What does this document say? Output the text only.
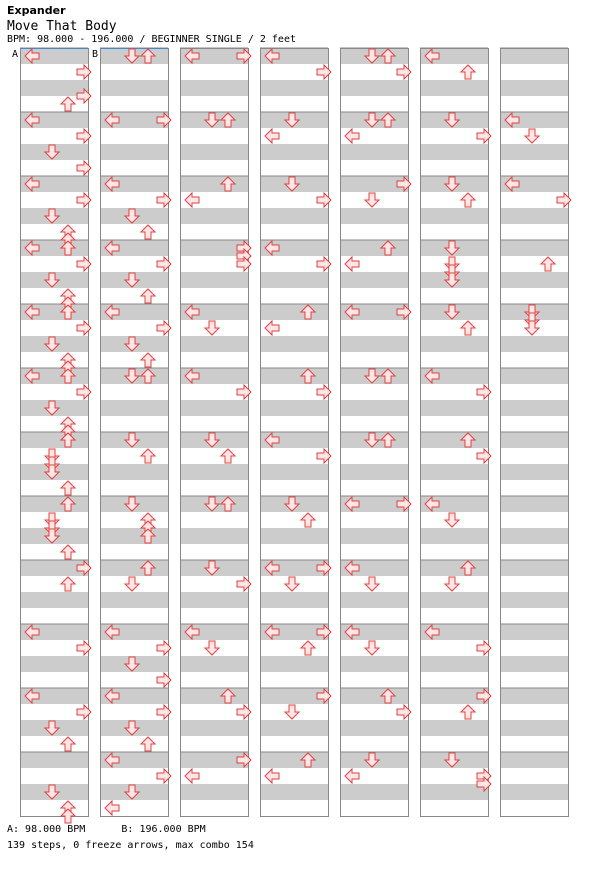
Expander
Move That Body
BPM: 98.000 - 196.000 / BEGINNER SINGLE / 2 feet
A	B
A: 98.000 BPM      B: 196.000 BPM
139 steps, 0 freeze arrows, max combo 154
